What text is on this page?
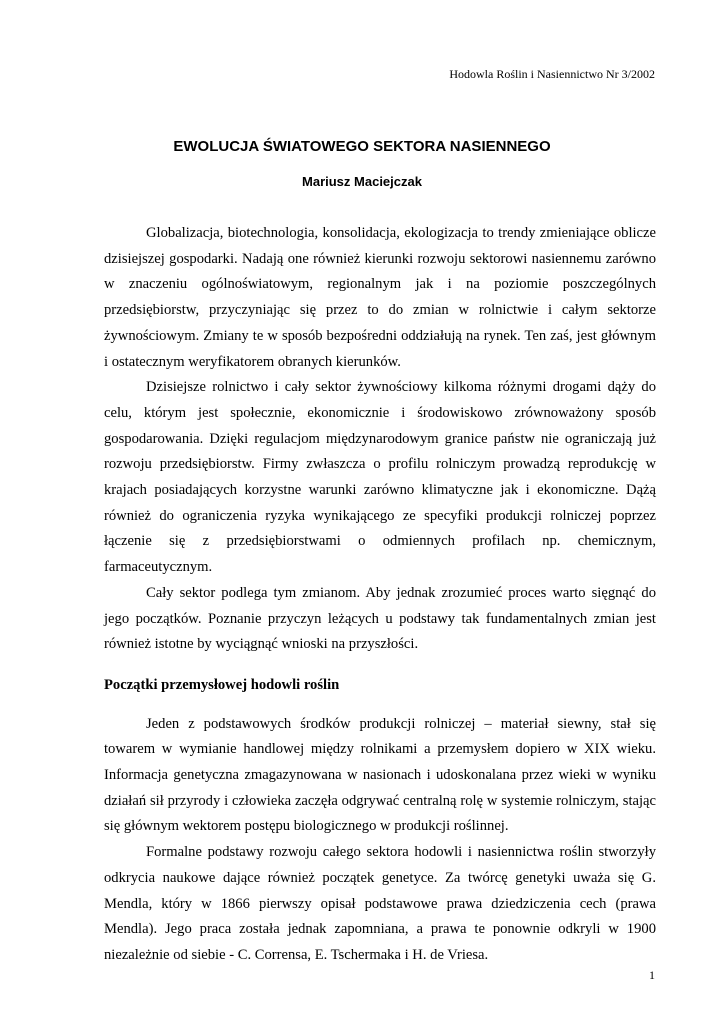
Hodowla Roślin i Nasiennictwo Nr 3/2002
EWOLUCJA ŚWIATOWEGO SEKTORA NASIENNEGO
Mariusz Maciejczak

Globalizacja, biotechnologia, konsolidacja, ekologizacja to trendy zmieniające oblicze dzisiejszej gospodarki. Nadają one również kierunki rozwoju sektorowi nasiennemu zarówno w znaczeniu ogólnoświatowym, regionalnym jak i na poziomie poszczególnych przedsiębiorstw, przyczyniając się przez to do zmian w rolnictwie i całym sektorze żywnościowym. Zmiany te w sposób bezpośredni oddziałują na rynek. Ten zaś, jest głównym i ostatecznym weryfikatorem obranych kierunków.

Dzisiejsze rolnictwo i cały sektor żywnościowy kilkoma różnymi drogami dąży do celu, którym jest społecznie, ekonomicznie i środowiskowo zrównoważony sposób gospodarowania. Dzięki regulacjom międzynarodowym granice państw nie ograniczają już rozwoju przedsiębiorstw. Firmy zwłaszcza o profilu rolniczym prowadzą reprodukcję w krajach posiadających korzystne warunki zarówno klimatyczne jak i ekonomiczne. Dążą również do ograniczenia ryzyka wynikającego ze specyfiki produkcji rolniczej poprzez łączenie się z przedsiębiorstwami o odmiennych profilach np. chemicznym, farmaceutycznym.

Cały sektor podlega tym zmianom. Aby jednak zrozumieć proces warto sięgnąć do jego początków. Poznanie przyczyn leżących u podstawy tak fundamentalnych zmian jest również istotne by wyciągnąć wnioski na przyszłości.

Początki przemysłowej hodowli roślin

Jeden z podstawowych środków produkcji rolniczej – materiał siewny, stał się towarem w wymianie handlowej między rolnikami a przemysłem dopiero w XIX wieku. Informacja genetyczna zmagazynowana w nasionach i udoskonalana przez wieki w wyniku działań sił przyrody i człowieka zaczęła odgrywać centralną rolę w systemie rolniczym, stając się głównym wektorem postępu biologicznego w produkcji roślinnej.

Formalne podstawy rozwoju całego sektora hodowli i nasiennictwa roślin stworzyły odkrycia naukowe dające również początek genetyce. Za twórcę genetyki uważa się G. Mendla, który w 1866 pierwszy opisał podstawowe prawa dziedziczenia cech (prawa Mendla). Jego praca została jednak zapomniana, a prawa te ponownie odkryli w 1900 niezależnie od siebie - C. Corrensa, E. Tschermaka i H. de Vriesa.

1
